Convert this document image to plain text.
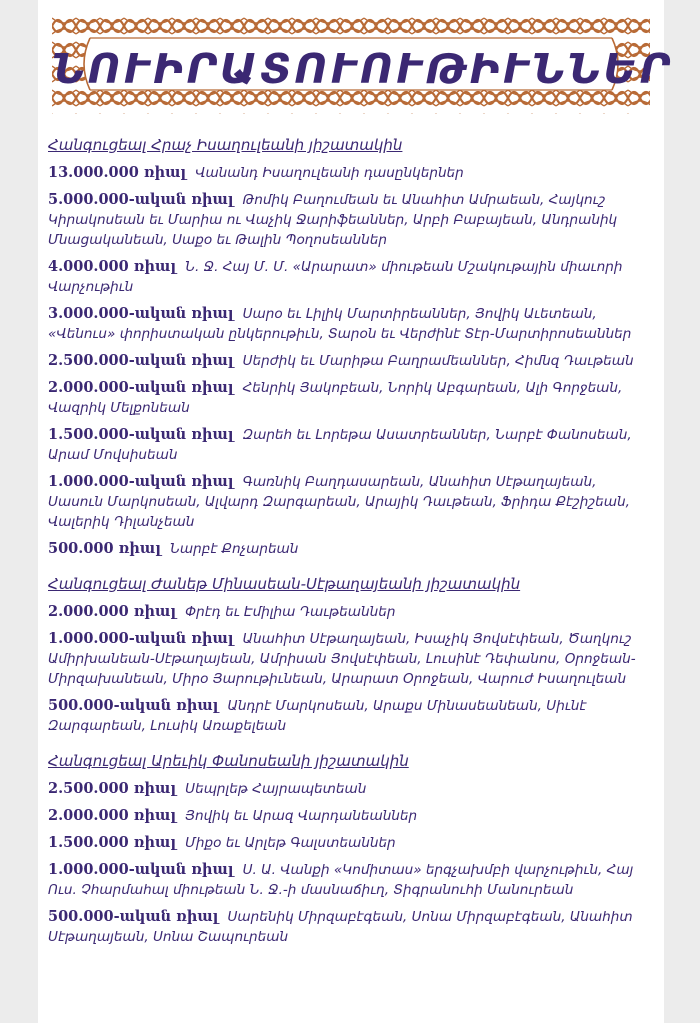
ՆՈՒԻՐԱՏՈՒՈՒԹԻՒՆՆԵՐ
Հանգուցեալ Հրաչ Իսաղուլեանի յիշատակին
13.000.000 ռիալ Վանանդ Իսաղուլեանի դասընկերներ
5.000.000-ական ռիալ Թոմիկ Բաղումեան եւ Անահիտ Ամրաեան, Հայկուշ Կիրակոսեան եւ Մարիա ու Վաչիկ Ջարիֆեաններ, Արբի Բաբայեան, Անդրանիկ Մնացականեան, Սաքօ եւ Թալին Պօղոսեաններ
4.000.000 ռիալ Ն. Ջ. Հայ Մ. Մ. «Արարատ» միութեան Մշակութային միաւորի Վարչութիւն
3.000.000-ական ռիալ Սարօ եւ Լիլիկ Մարտիրեաններ, Յովիկ Աւետեան, «Վենուս» փորիստական ընկերութիւն, Տարօն եւ Վերժինէ Տէր-Մարտիրոսեաններ
2.500.000-ական ռիալ Սերժիկ եւ Մարիթա Բաղրամեաններ, Հիմնզ Դաւթեան
2.000.000-ական ռիալ Հենրիկ Յակոբեան, Նորիկ Աբգարեան, Ալի Գորջեան, Վազրիկ Մելքոնեան
1.500.000-ական ռիալ Զարեհ եւ Լորեթա Ասատրեաններ, Նարբէ Փանոսեան, Արամ Մովսիսեան
1.000.000-ական ռիալ Գառնիկ Բաղդասարեան, Անահիտ Սէթաղայեան, Սասուն Մարկոսեան, Ալվարդ Զարգարեան, Արայիկ Դաւթեան, Ֆրիդա Քէշիշեան, Վալերիկ Դիլանչեան
500.000 ռիալ Նարբէ Քոչարեան
Հանգուցեալ Ժանեթ Մինասեան-Սէթաղայեանի յիշատակին
2.000.000 ռիալ Փրէդ եւ Էմիլիա Դաւթեաններ
1.000.000-ական ռիալ Անահիտ Սէթաղայեան, Իսաչիկ Յովսէփեան, Ծաղկուշ Ամիրխանեան-Սէթաղայեան, Ամրիսան Յովսէփեան, Լուսինէ Դեփանոս, Օրոջեան-Միրզախանեան, Միրօ Յարութիւնեան, Արարատ Օրոջեան, Վարուժ Իսաղուլեան
500.000-ական ռիալ Անդրէ Մարկոսեան, Արաքս Մինասեանեան, Սիւնէ Զարգարեան, Լուսիկ Առաքելեան
Հանգուցեալ Արեւիկ Փանոսեանի յիշատակին
2.500.000 ռիալ Սեպրլեթ Հայրապետեան
2.000.000 ռիալ Յովիկ եւ Արազ Վարդանեաններ
1.500.000 ռիալ Միքօ եւ Արլեթ Գալստեաններ
1.000.000-ական ռիալ Ս. Ա. Վանքի «Կոմիտաս» երգչախմբի վարչութիւն, Հայ Ուս. Չհարմահալ միութեան Ն. Ջ.-ի մասնաճիւղ, Տիգրանուհի Մանուրեան
500.000-ական ռիալ Սարենիկ Միրզաբէգեան, Սոնա Միրզաբէգեան, Անահիտ Սէթաղայեան, Սոնա Շապուրեան
